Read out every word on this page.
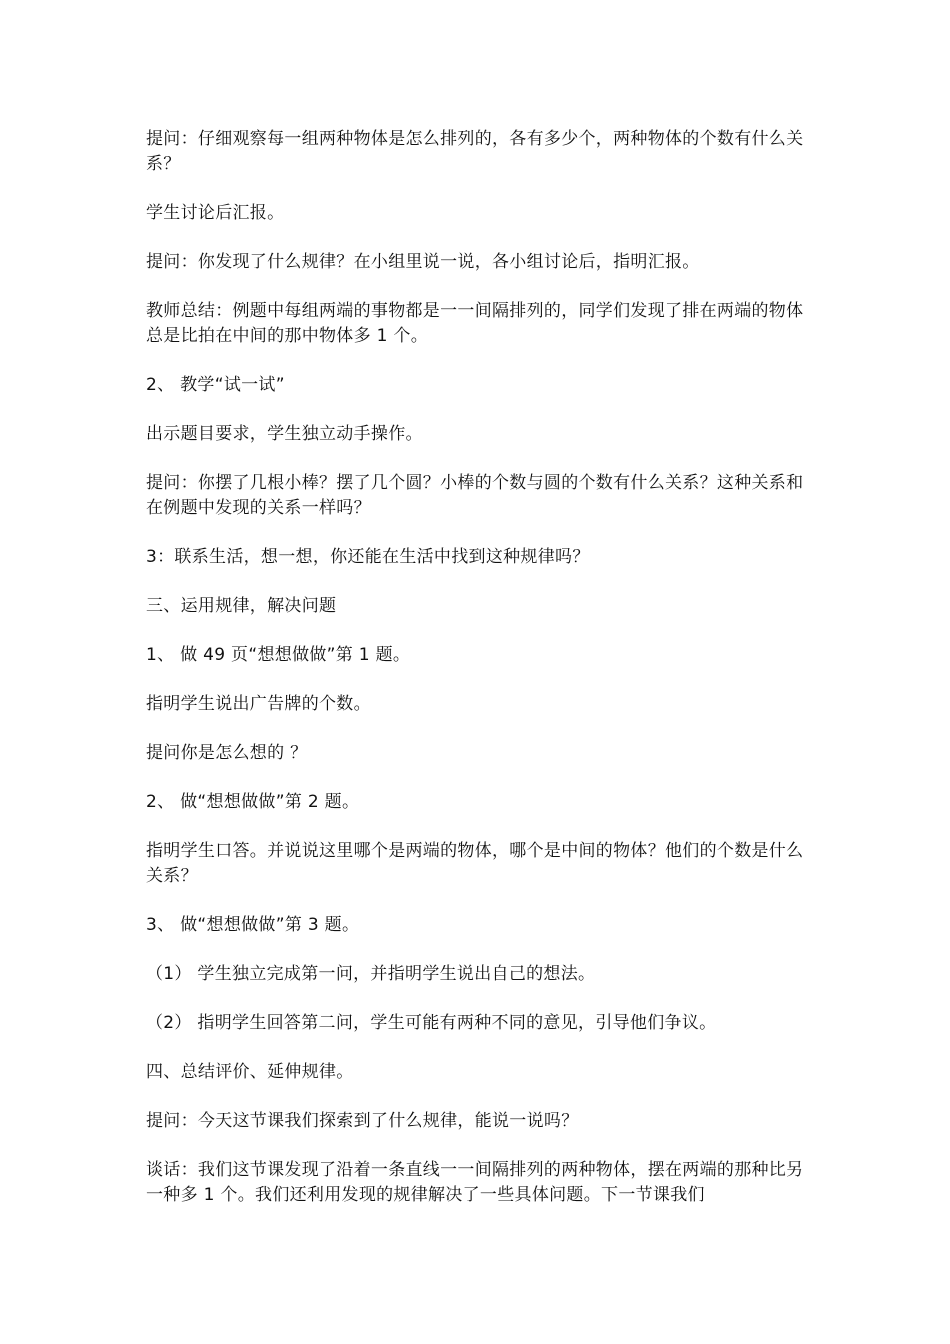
提问：仔细观察每一组两种物体是怎么排列的，各有多少个，两种物体的个数有什么关系？

学生讨论后汇报。

提问：你发现了什么规律？在小组里说一说，各小组讨论后，指明汇报。

教师总结：例题中每组两端的事物都是一一间隔排列的，同学们发现了排在两端的物体总是比拍在中间的那中物体多 1 个。

2、 教学“试一试”

出示题目要求，学生独立动手操作。

提问：你摆了几根小棒？摆了几个圆？小棒的个数与圆的个数有什么关系？这种关系和在例题中发现的关系一样吗？

3：联系生活，想一想，你还能在生活中找到这种规律吗？

三、运用规律，解决问题

1、 做 49 页“想想做做”第 1 题。

指明学生说出广告牌的个数。

提问你是怎么想的 ？

2、 做“想想做做”第 2 题。

指明学生口答。并说说这里哪个是两端的物体，哪个是中间的物体？他们的个数是什么关系？

3、 做“想想做做”第 3 题。

（1） 学生独立完成第一问，并指明学生说出自己的想法。

（2） 指明学生回答第二问，学生可能有两种不同的意见，引导他们争议。

四、总结评价、延伸规律。

提问：今天这节课我们探索到了什么规律，能说一说吗？

谈话：我们这节课发现了沿着一条直线一一间隔排列的两种物体，摆在两端的那种比另一种多 1 个。我们还利用发现的规律解决了一些具体问题。下一节课我们
